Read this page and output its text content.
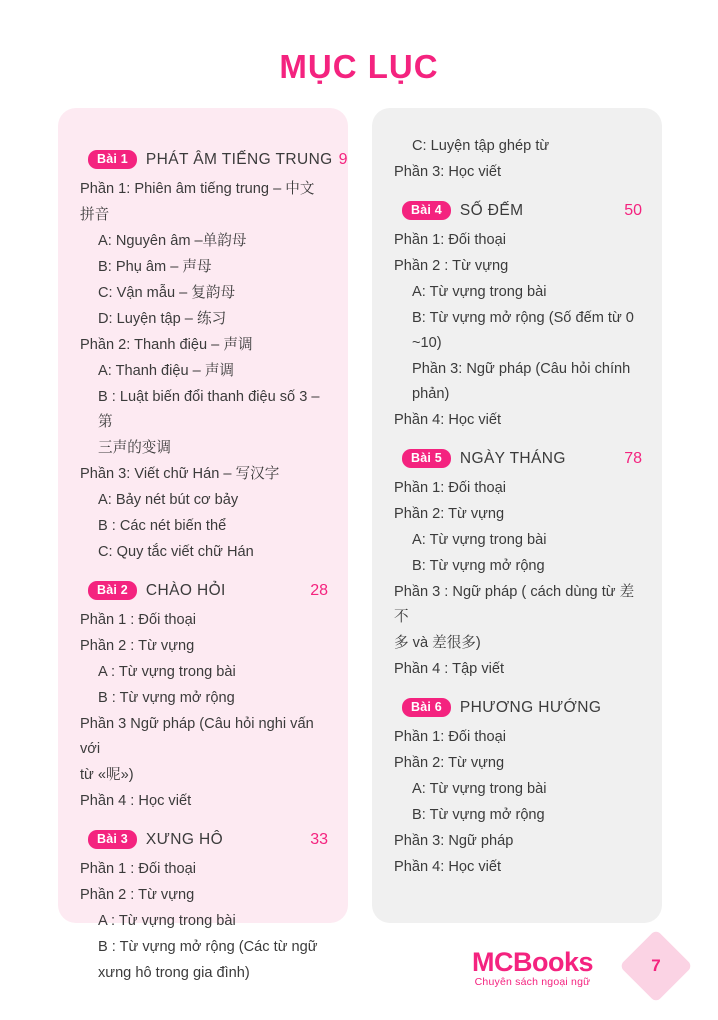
MỤC LỤC
Bài 1	PHÁT ÂM TIẾNG TRUNG 9
Phần 1: Phiên âm tiếng trung – 中文
拼音
A: Nguyên âm –单韵母
B: Phụ âm – 声母
C: Vận mẫu – 复韵母
D: Luyện tập – 练习
Phần 2: Thanh điệu – 声调
A: Thanh điệu – 声调
B : Luật biến đổi thanh điệu số 3 – 第
三声的变调
Phần 3: Viết chữ Hán – 写汉字
A: Bảy nét bút cơ bảy
B : Các nét biến thể
C: Quy tắc viết chữ Hán
Bài 2	CHÀO HỎI	28
Phần 1 : Đối thoại
Phần 2 : Từ vựng
A : Từ vựng trong bài
B : Từ vựng mở rộng
Phần 3 Ngữ pháp (Câu hỏi nghi vấn với
từ «呢»)
Phần 4 : Học viết
Bài 3	XƯNG HÔ	33
Phần 1 : Đối thoại
Phần 2 : Từ vựng
A : Từ vựng trong bài
B : Từ vựng mở rộng (Các từ ngữ
xưng hô trong gia đình)
C: Luyện tập ghép từ
Phần 3: Học viết
Bài 4	SỐ ĐẾM	50
Phần 1: Đối thoại
Phần 2 : Từ vựng
A: Từ vựng trong bài
B: Từ vựng mở rộng (Số đếm từ 0 ~10)
Phần 3: Ngữ pháp (Câu hỏi chính phản)
Phần 4: Học viết
Bài 5	NGÀY THÁNG	78
Phần 1: Đối thoại
Phần 2: Từ vựng
A: Từ vựng trong bài
B: Từ vựng mở rộng
Phần 3 : Ngữ pháp ( cách dùng từ 差不
多 và 差很多)
Phần 4 : Tập viết
Bài 6	PHƯƠNG HƯỚNG
Phần 1: Đối thoại
Phần 2: Từ vựng
A: Từ vựng trong bài
B: Từ vựng mở rộng
Phần 3: Ngữ pháp
Phần 4: Học viết
MCBooks
Chuyên sách ngoại ngữ
7
